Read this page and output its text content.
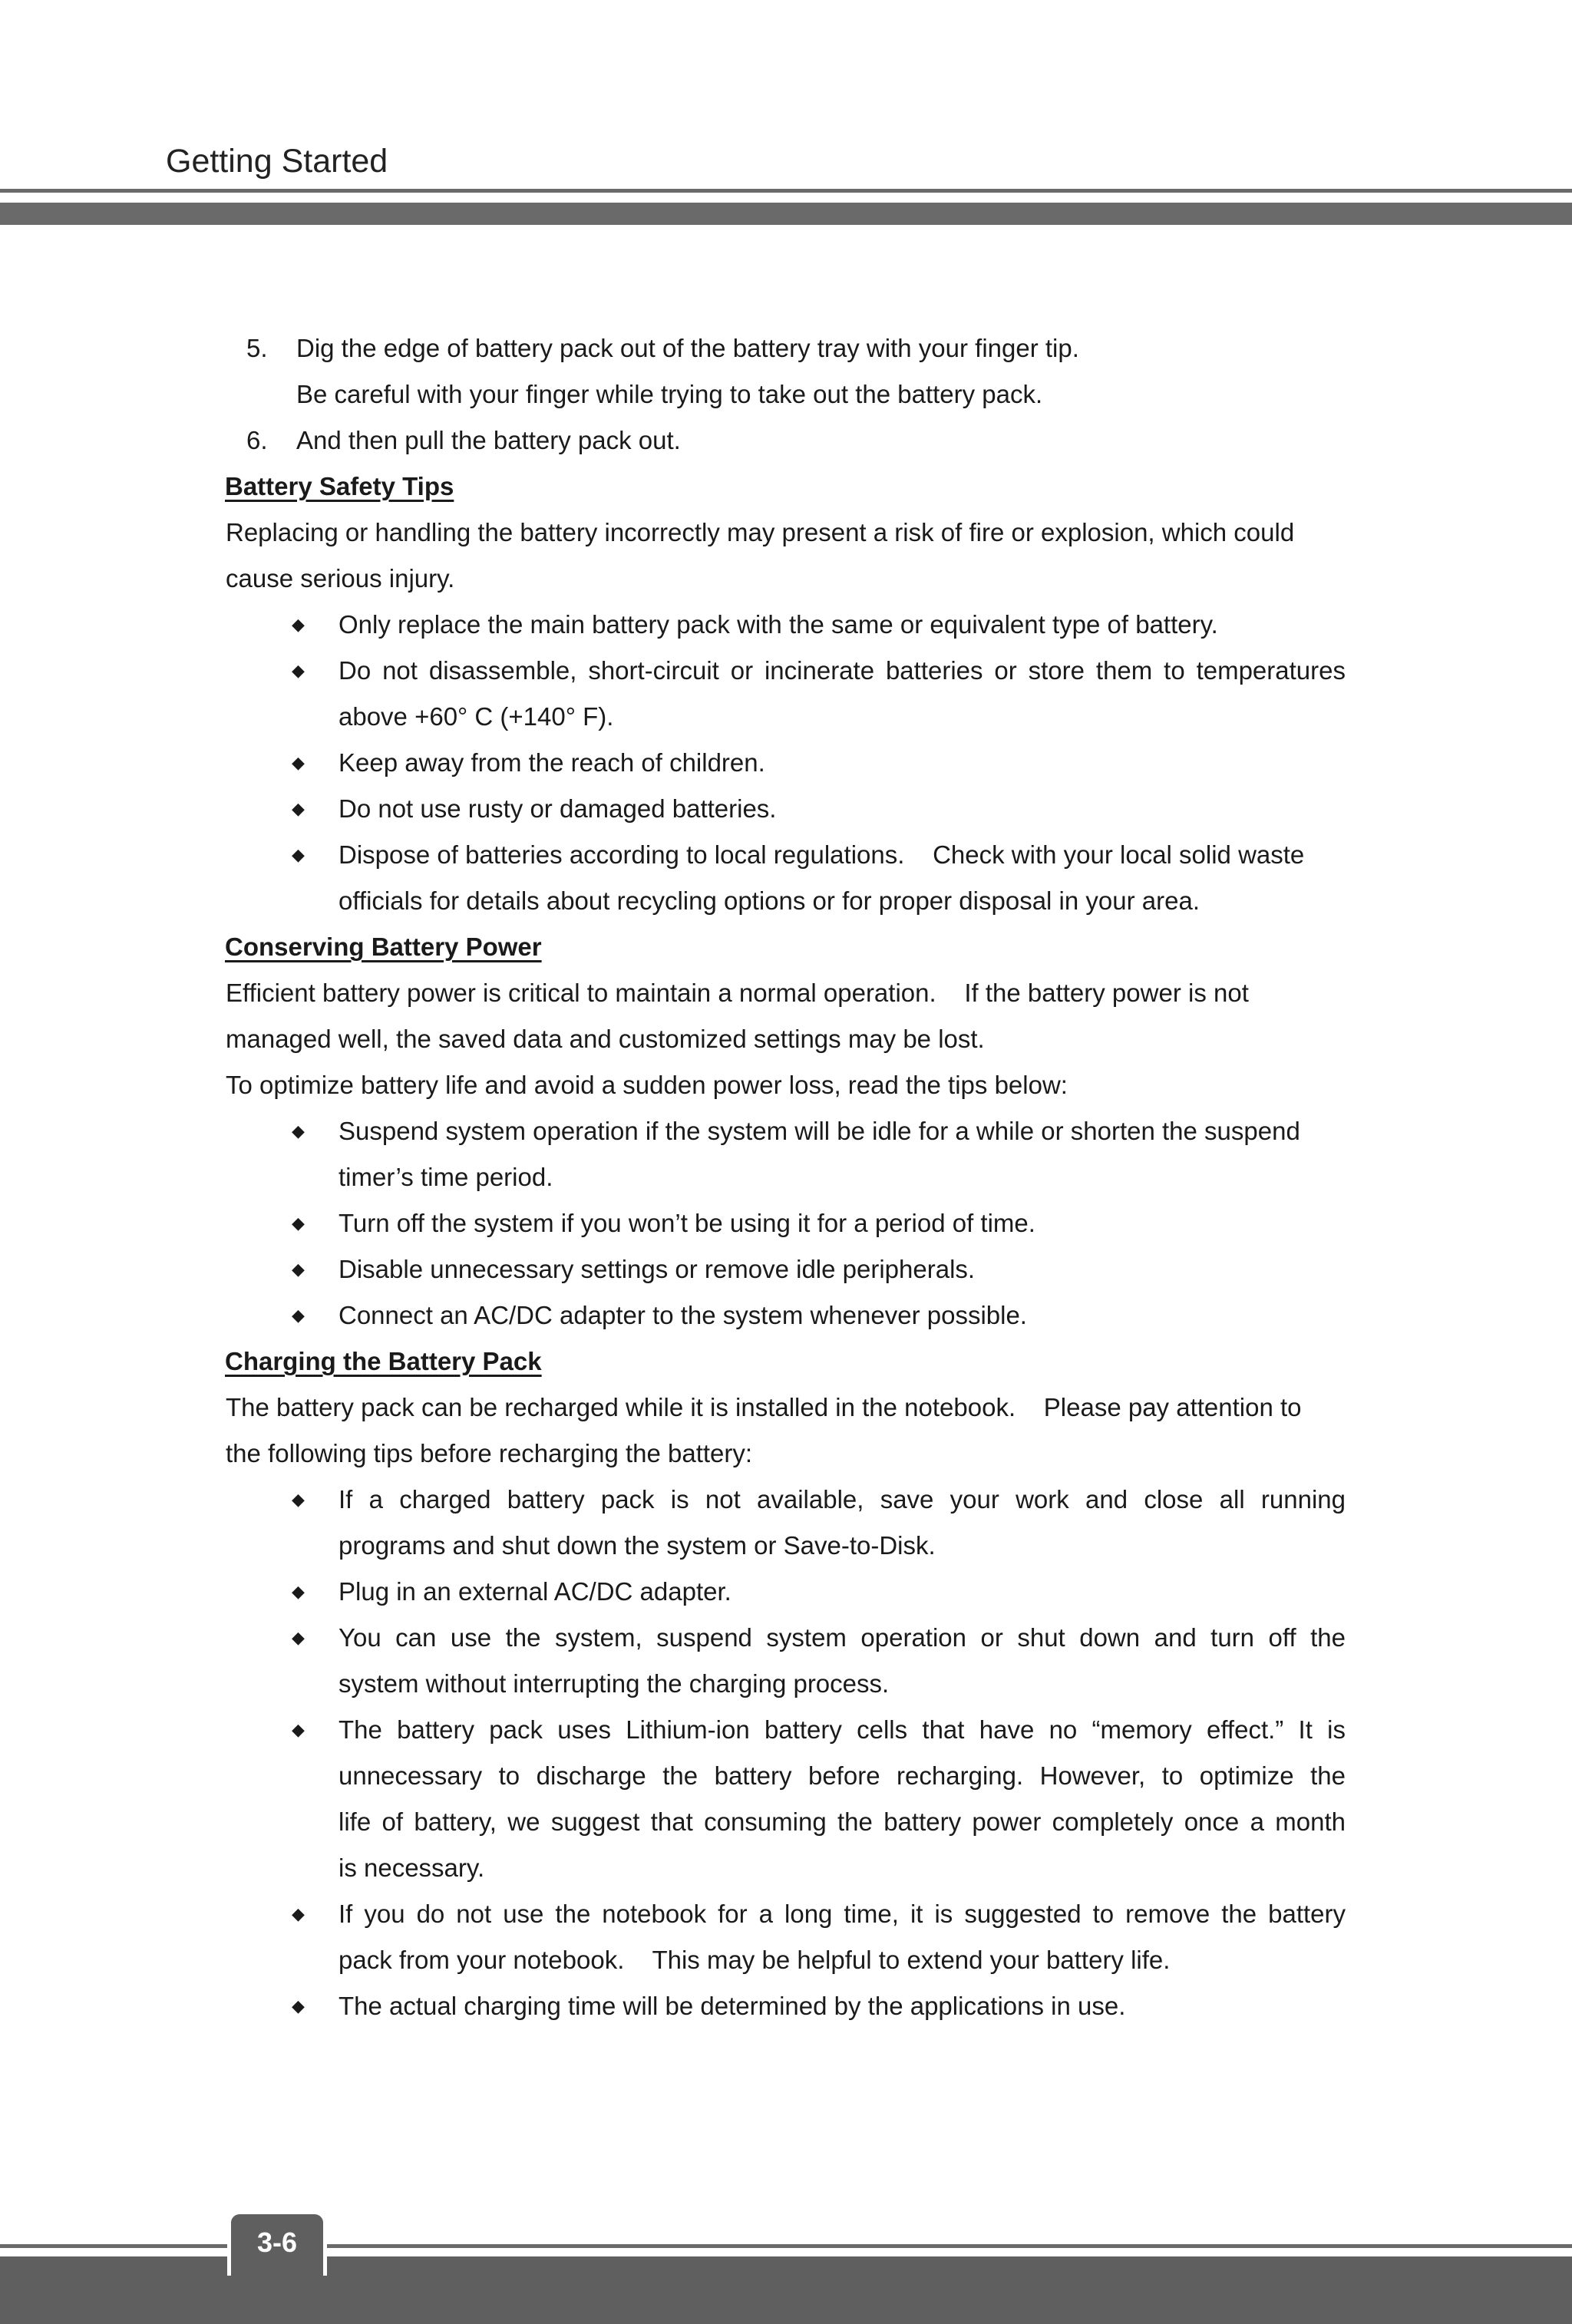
Getting Started
5. Dig the edge of battery pack out of the battery tray with your finger tip.
Be careful with your finger while trying to take out the battery pack.
6. And then pull the battery pack out.
Battery Safety Tips
Replacing or handling the battery incorrectly may present a risk of fire or explosion, which could
cause serious injury.
◆ Only replace the main battery pack with the same or equivalent type of battery.
◆ Do not disassemble, short-circuit or incinerate batteries or store them to temperatures
above +60° C (+140° F).
◆ Keep away from the reach of children.
◆ Do not use rusty or damaged batteries.
◆ Dispose of batteries according to local regulations.    Check with your local solid waste
officials for details about recycling options or for proper disposal in your area.
Conserving Battery Power
Efficient battery power is critical to maintain a normal operation.    If the battery power is not
managed well, the saved data and customized settings may be lost.
To optimize battery life and avoid a sudden power loss, read the tips below:
◆ Suspend system operation if the system will be idle for a while or shorten the suspend
timer’s time period.
◆ Turn off the system if you won’t be using it for a period of time.
◆ Disable unnecessary settings or remove idle peripherals.
◆ Connect an AC/DC adapter to the system whenever possible.
Charging the Battery Pack
The battery pack can be recharged while it is installed in the notebook.    Please pay attention to
the following tips before recharging the battery:
◆ If a charged battery pack is not available, save your work and close all running
programs and shut down the system or Save-to-Disk.
◆ Plug in an external AC/DC adapter.
◆ You can use the system, suspend system operation or shut down and turn off the
system without interrupting the charging process.
◆ The battery pack uses Lithium-ion battery cells that have no “memory effect.” It is
unnecessary to discharge the battery before recharging. However, to optimize the
life of battery, we suggest that consuming the battery power completely once a month
is necessary.
◆ If you do not use the notebook for a long time, it is suggested to remove the battery
pack from your notebook.    This may be helpful to extend your battery life.
◆ The actual charging time will be determined by the applications in use.
3-6
